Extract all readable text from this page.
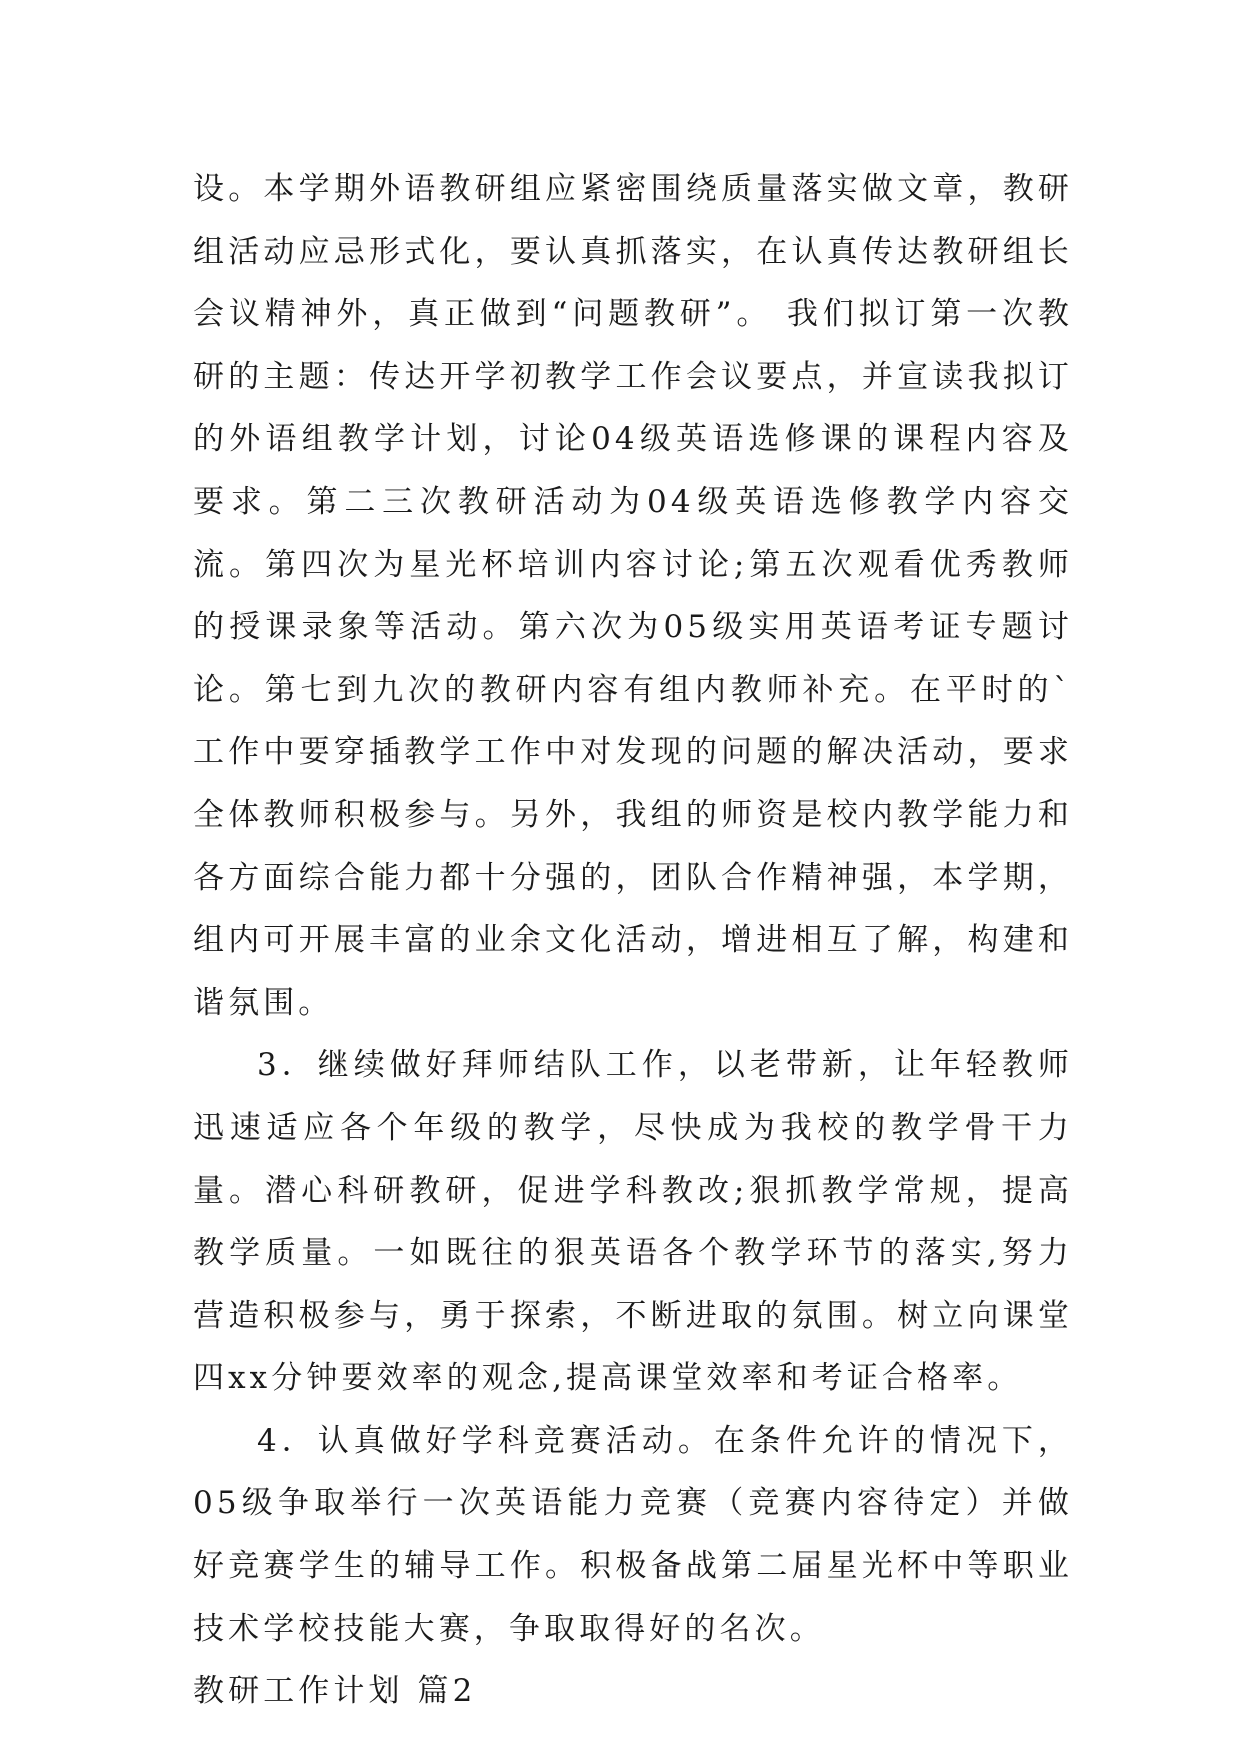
设。本学期外语教研组应紧密围绕质量落实做文章，教研组活动应忌形式化，要认真抓落实，在认真传达教研组长会议精神外，真正做到“问题教研”。 我们拟订第一次教研的主题：传达开学初教学工作会议要点，并宣读我拟订的外语组教学计划，讨论04级英语选修课的课程内容及要求。第二三次教研活动为04级英语选修教学内容交流。第四次为星光杯培训内容讨论;第五次观看优秀教师的授课录象等活动。第六次为05级实用英语考证专题讨论。第七到九次的教研内容有组内教师补充。在平时的`工作中要穿插教学工作中对发现的问题的解决活动，要求全体教师积极参与。另外，我组的师资是校内教学能力和各方面综合能力都十分强的，团队合作精神强，本学期，组内可开展丰富的业余文化活动，增进相互了解，构建和谐氛围。

3．继续做好拜师结队工作，以老带新，让年轻教师迅速适应各个年级的教学，尽快成为我校的教学骨干力量。潜心科研教研，促进学科教改;狠抓教学常规，提高教学质量。一如既往的狠英语各个教学环节的落实,努力营造积极参与，勇于探索，不断进取的氛围。树立向课堂四xx分钟要效率的观念,提高课堂效率和考证合格率。

4．认真做好学科竞赛活动。在条件允许的情况下，05级争取举行一次英语能力竞赛（竞赛内容待定）并做好竞赛学生的辅导工作。积极备战第二届星光杯中等职业技术学校技能大赛，争取取得好的名次。

教研工作计划 篇2
